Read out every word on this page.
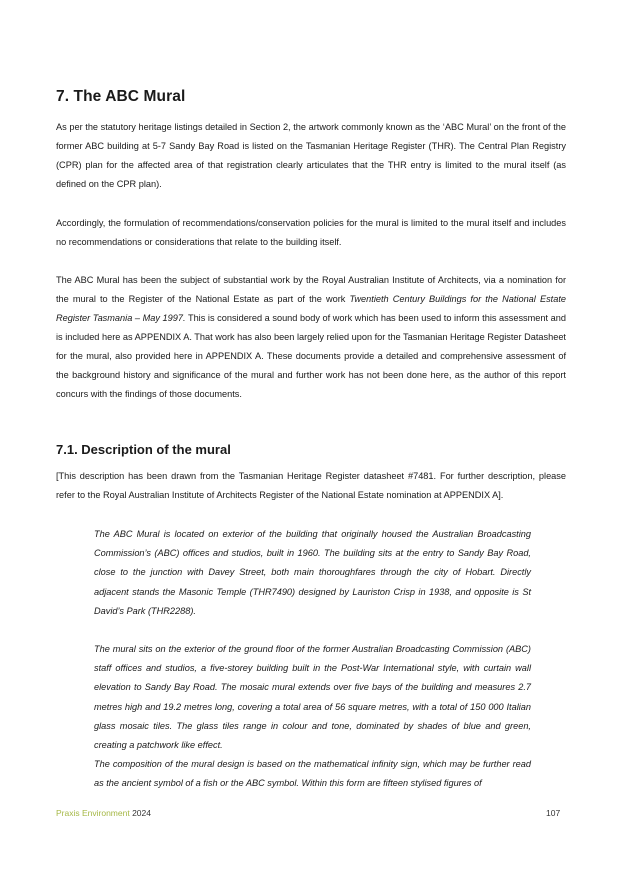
7. The ABC Mural

As per the statutory heritage listings detailed in Section 2, the artwork commonly known as the ‘ABC Mural’ on the front of the former ABC building at 5-7 Sandy Bay Road is listed on the Tasmanian Heritage Register (THR). The Central Plan Registry (CPR) plan for the affected area of that registration clearly articulates that the THR entry is limited to the mural itself (as defined on the CPR plan).

Accordingly, the formulation of recommendations/conservation policies for the mural is limited to the mural itself and includes no recommendations or considerations that relate to the building itself.

The ABC Mural has been the subject of substantial work by the Royal Australian Institute of Architects, via a nomination for the mural to the Register of the National Estate as part of the work Twentieth Century Buildings for the National Estate Register Tasmania – May 1997. This is considered a sound body of work which has been used to inform this assessment and is included here as APPENDIX A. That work has also been largely relied upon for the Tasmanian Heritage Register Datasheet for the mural, also provided here in APPENDIX A. These documents provide a detailed and comprehensive assessment of the background history and significance of the mural and further work has not been done here, as the author of this report concurs with the findings of those documents.

7.1. Description of the mural

[This description has been drawn from the Tasmanian Heritage Register datasheet #7481. For further description, please refer to the Royal Australian Institute of Architects Register of the National Estate nomination at APPENDIX A].

The ABC Mural is located on exterior of the building that originally housed the Australian Broadcasting Commission’s (ABC) offices and studios, built in 1960. The building sits at the entry to Sandy Bay Road, close to the junction with Davey Street, both main thoroughfares through the city of Hobart. Directly adjacent stands the Masonic Temple (THR7490) designed by Lauriston Crisp in 1938, and opposite is St David’s Park (THR2288).

The mural sits on the exterior of the ground floor of the former Australian Broadcasting Commission (ABC) staff offices and studios, a five-storey building built in the Post-War International style, with curtain wall elevation to Sandy Bay Road. The mosaic mural extends over five bays of the building and measures 2.7 metres high and 19.2 metres long, covering a total area of 56 square metres, with a total of 150 000 Italian glass mosaic tiles. The glass tiles range in colour and tone, dominated by shades of blue and green, creating a patchwork like effect.

The composition of the mural design is based on the mathematical infinity sign, which may be further read as the ancient symbol of a fish or the ABC symbol. Within this form are fifteen stylised figures of

Praxis Environment 2024	107
